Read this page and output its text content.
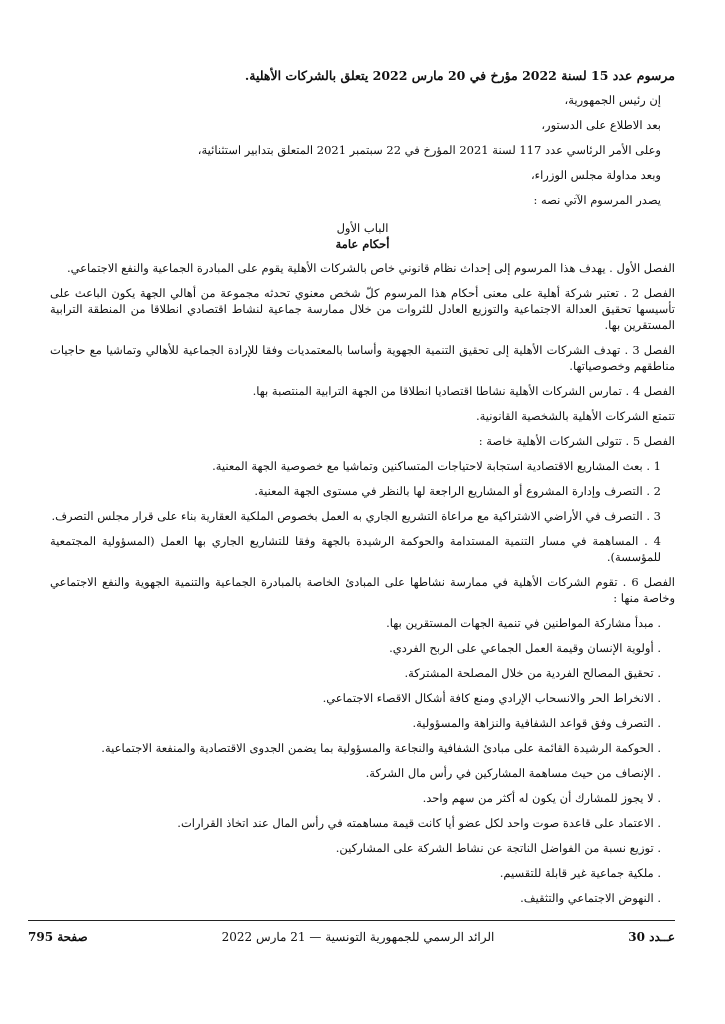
مرسوم عدد 15 لسنة 2022 مؤرخ في 20 مارس 2022 يتعلق بالشركات الأهلية.
إن رئيس الجمهورية،
بعد الاطلاع على الدستور،
وعلى الأمر الرئاسي عدد 117 لسنة 2021 المؤرخ في 22 سبتمبر 2021 المتعلق بتدابير استثنائية،
وبعد مداولة مجلس الوزراء،
يصدر المرسوم الآتي نصه :
الباب الأول
أحكام عامة
الفصل الأول . يهدف هذا المرسوم إلى إحداث نظام قانوني خاص بالشركات الأهلية يقوم على المبادرة الجماعية والنفع الاجتماعي.
الفصل 2 . تعتبر شركة أهلية على معنى أحكام هذا المرسوم كلّ شخص معنوي تحدثه مجموعة من أهالي الجهة يكون الباعث على تأسيسها تحقيق العدالة الاجتماعية والتوزيع العادل للثروات من خلال ممارسة جماعية لنشاط اقتصادي انطلاقا من المنطقة الترابية المستقرين بها.
الفصل 3 . تهدف الشركات الأهلية إلى تحقيق التنمية الجهوية وأساسا بالمعتمديات وفقا للإرادة الجماعية للأهالي وتماشيا مع حاجيات مناطقهم وخصوصياتها.
الفصل 4 . تمارس الشركات الأهلية نشاطا اقتصاديا انطلاقا من الجهة الترابية المنتصبة بها.
تتمتع الشركات الأهلية بالشخصية القانونية.
الفصل 5 . تتولى الشركات الأهلية خاصة :
1 . بعث المشاريع الاقتصادية استجابة لاحتياجات المتساكنين وتماشيا مع خصوصية الجهة المعنية.
2 . التصرف وإدارة المشروع أو المشاريع الراجعة لها بالنظر في مستوى الجهة المعنية.
3 . التصرف في الأراضي الاشتراكية مع مراعاة التشريع الجاري به العمل بخصوص الملكية العقارية بناء على قرار مجلس التصرف.
4 . المساهمة في مسار التنمية المستدامة والحوكمة الرشيدة بالجهة وفقا للتشاريع الجاري بها العمل (المسؤولية المجتمعية للمؤسسة).
الفصل 6 . تقوم الشركات الأهلية في ممارسة نشاطها على المبادئ الخاصة بالمبادرة الجماعية والتنمية الجهوية والنفع الاجتماعي وخاصة منها :
. مبدأ مشاركة المواطنين في تنمية الجهات المستقرين بها.
. أولوية الإنسان وقيمة العمل الجماعي على الربح الفردي.
. تحقيق المصالح الفردية من خلال المصلحة المشتركة.
. الانخراط الحر والانسحاب الإرادي ومنع كافة أشكال الاقصاء الاجتماعي.
. التصرف وفق قواعد الشفافية والنزاهة والمسؤولية.
. الحوكمة الرشيدة القائمة على مبادئ الشفافية والنجاعة والمسؤولية بما يضمن الجدوى الاقتصادية والمنفعة الاجتماعية.
. الإنصاف من حيث مساهمة المشاركين في رأس مال الشركة.
. لا يجوز للمشارك أن يكون له أكثر من سهم واحد.
. الاعتماد على قاعدة صوت واحد لكل عضو أيا كانت قيمة مساهمته في رأس المال عند اتخاذ القرارات.
. توزيع نسبة من الفواضل الناتجة عن نشاط الشركة على المشاركين.
. ملكية جماعية غير قابلة للتقسيم.
. النهوض الاجتماعي والتثقيف.
صفحة 795	الرائد الرسمي للجمهورية التونسية — 21 مارس 2022	عــدد 30
